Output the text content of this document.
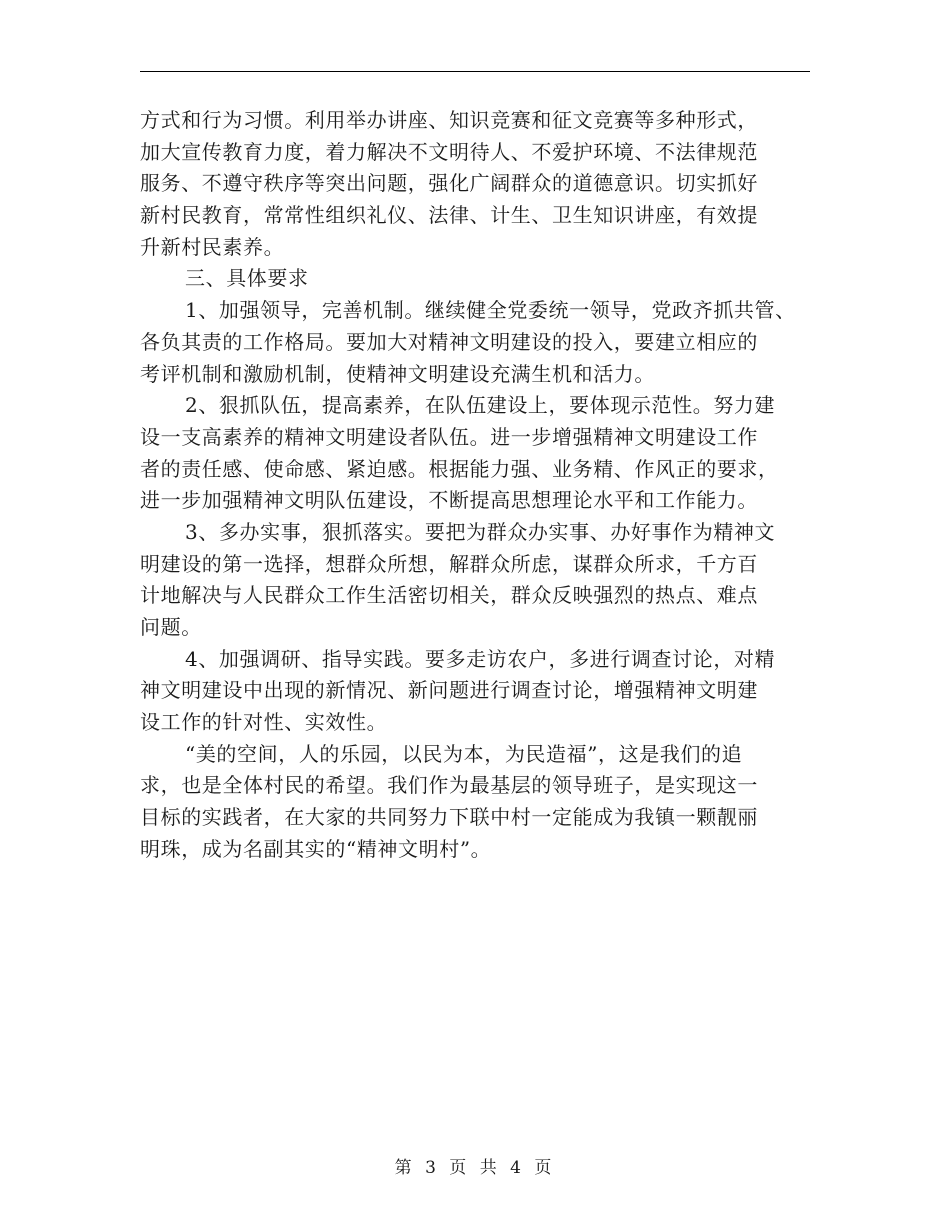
方式和行为习惯。利用举办讲座、知识竞赛和征文竞赛等多种形式，
加大宣传教育力度，着力解决不文明待人、不爱护环境、不法律规范
服务、不遵守秩序等突出问题，强化广阔群众的道德意识。切实抓好
新村民教育，常常性组织礼仪、法律、计生、卫生知识讲座，有效提
升新村民素养。
三、具体要求
1、加强领导，完善机制。继续健全党委统一领导，党政齐抓共管、
各负其责的工作格局。要加大对精神文明建设的投入，要建立相应的
考评机制和激励机制，使精神文明建设充满生机和活力。
2、狠抓队伍，提高素养，在队伍建设上，要体现示范性。努力建
设一支高素养的精神文明建设者队伍。进一步增强精神文明建设工作
者的责任感、使命感、紧迫感。根据能力强、业务精、作风正的要求，
进一步加强精神文明队伍建设，不断提高思想理论水平和工作能力。
3、多办实事，狠抓落实。要把为群众办实事、办好事作为精神文
明建设的第一选择，想群众所想，解群众所虑，谋群众所求，千方百
计地解决与人民群众工作生活密切相关，群众反映强烈的热点、难点
问题。
4、加强调研、指导实践。要多走访农户，多进行调查讨论，对精
神文明建设中出现的新情况、新问题进行调查讨论，增强精神文明建
设工作的针对性、实效性。
“美的空间，人的乐园，以民为本，为民造福”，这是我们的追
求，也是全体村民的希望。我们作为最基层的领导班子，是实现这一
目标的实践者，在大家的共同努力下联中村一定能成为我镇一颗靓丽
明珠，成为名副其实的“精神文明村”。
第 3 页 共 4 页
